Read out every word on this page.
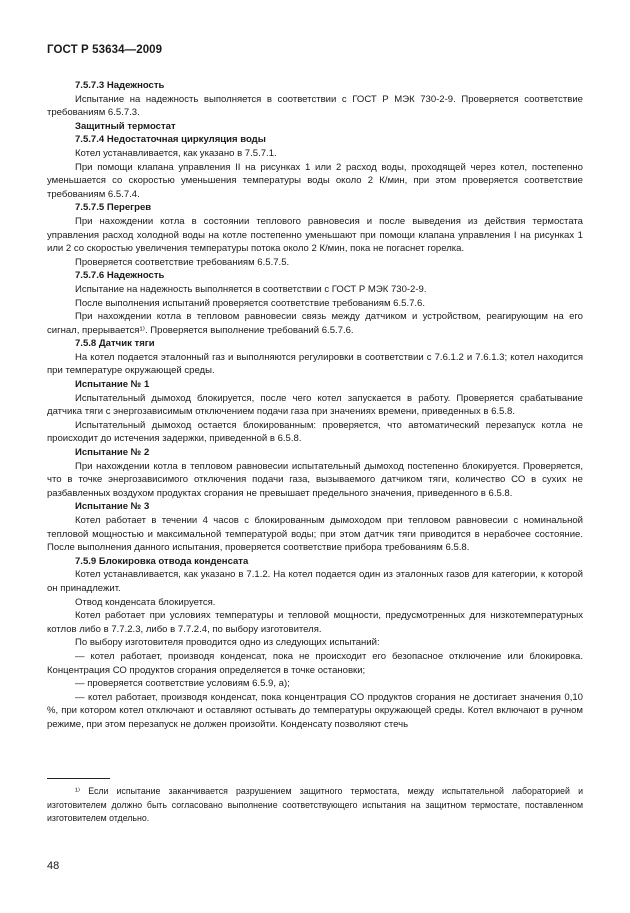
ГОСТ Р 53634—2009

7.5.7.3 Надежность

Испытание на надежность выполняется в соответствии с ГОСТ Р МЭК 730-2-9. Проверяется соответствие требованиям 6.5.7.3.

Защитный термостат

7.5.7.4 Недостаточная циркуляция воды

Котел устанавливается, как указано в 7.5.7.1.

При помощи клапана управления II на рисунках 1 или 2 расход воды, проходящей через котел, постепенно уменьшается со скоростью уменьшения температуры воды около 2 К/мин, при этом проверяется соответствие требованиям 6.5.7.4.

7.5.7.5 Перегрев

При нахождении котла в состоянии теплового равновесия и после выведения из действия термостата управления расход холодной воды на котле постепенно уменьшают при помощи клапана управления I на рисунках 1 или 2 со скоростью увеличения температуры потока около 2 К/мин, пока не погаснет горелка.

Проверяется соответствие требованиям 6.5.7.5.

7.5.7.6 Надежность

Испытание на надежность выполняется в соответствии с ГОСТ Р МЭК 730-2-9.

После выполнения испытаний проверяется соответствие требованиям 6.5.7.6.

При нахождении котла в тепловом равновесии связь между датчиком и устройством, реагирующим на его сигнал, прерывается¹⁾. Проверяется выполнение требований 6.5.7.6.

7.5.8 Датчик тяги

На котел подается эталонный газ и выполняются регулировки в соответствии с 7.6.1.2 и 7.6.1.3; котел находится при температуре окружающей среды.

Испытание № 1

Испытательный дымоход блокируется, после чего котел запускается в работу. Проверяется срабатывание датчика тяги с энергозависимым отключением подачи газа при значениях времени, приведенных в 6.5.8.

Испытательный дымоход остается блокированным: проверяется, что автоматический перезапуск котла не происходит до истечения задержки, приведенной в 6.5.8.

Испытание № 2

При нахождении котла в тепловом равновесии испытательный дымоход постепенно блокируется. Проверяется, что в точке энергозависимого отключения подачи газа, вызываемого датчиком тяги, количество СО в сухих не разбавленных воздухом продуктах сгорания не превышает предельного значения, приведенного в 6.5.8.

Испытание № 3

Котел работает в течении 4 часов с блокированным дымоходом при тепловом равновесии с номинальной тепловой мощностью и максимальной температурой воды; при этом датчик тяги приводится в нерабочее состояние. После выполнения данного испытания, проверяется соответствие прибора требованиям 6.5.8.

7.5.9 Блокировка отвода конденсата

Котел устанавливается, как указано в 7.1.2. На котел подается один из эталонных газов для категории, к которой он принадлежит.

Отвод конденсата блокируется.

Котел работает при условиях температуры и тепловой мощности, предусмотренных для низкотемпературных котлов либо в 7.7.2.3, либо в 7.7.2.4, по выбору изготовителя.

По выбору изготовителя проводится одно из следующих испытаний:

— котел работает, производя конденсат, пока не происходит его безопасное отключение или блокировка. Концентрация СО продуктов сгорания определяется в точке остановки;

— проверяется соответствие условиям 6.5.9, а);

— котел работает, производя конденсат, пока концентрация СО продуктов сгорания не достигает значения 0,10 %, при котором котел отключают и оставляют остывать до температуры окружающей среды. Котел включают в ручном режиме, при этом перезапуск не должен произойти. Конденсату позволяют стечь

¹⁾ Если испытание заканчивается разрушением защитного термостата, между испытательной лабораторией и изготовителем должно быть согласовано выполнение соответствующего испытания на защитном термостате, поставленном изготовителем отдельно.

48
